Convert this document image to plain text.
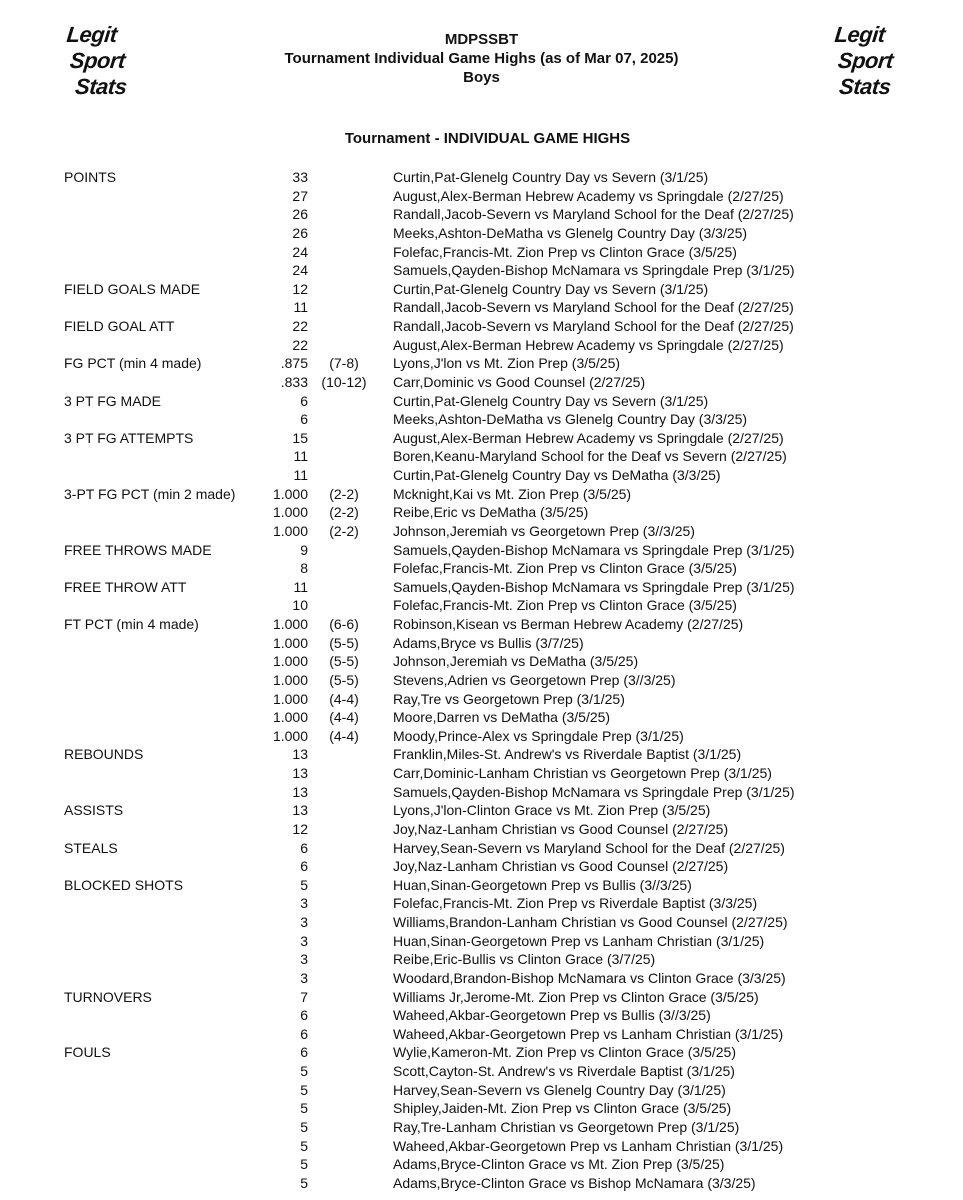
Legit
Sport
Stats
MDPSSBT
Tournament Individual Game Highs (as of Mar 07, 2025)
Boys
Legit
Sport
Stats
Tournament - INDIVIDUAL GAME HIGHS
POINTS	33	Curtin,Pat-Glenelg Country Day vs Severn (3/1/25)
27	August,Alex-Berman Hebrew Academy vs Springdale (2/27/25)
26	Randall,Jacob-Severn vs Maryland School for the Deaf (2/27/25)
26	Meeks,Ashton-DeMatha vs Glenelg Country Day (3/3/25)
24	Folefac,Francis-Mt. Zion Prep vs Clinton Grace (3/5/25)
24	Samuels,Qayden-Bishop McNamara vs Springdale Prep (3/1/25)
FIELD GOALS MADE	12	Curtin,Pat-Glenelg Country Day vs Severn (3/1/25)
11	Randall,Jacob-Severn vs Maryland School for the Deaf (2/27/25)
FIELD GOAL ATT	22	Randall,Jacob-Severn vs Maryland School for the Deaf (2/27/25)
22	August,Alex-Berman Hebrew Academy vs Springdale (2/27/25)
FG PCT (min 4 made)	.875	(7-8)	Lyons,J'lon vs Mt. Zion Prep (3/5/25)
.833 (10-12) Carr,Dominic vs Good Counsel (2/27/25)
3 PT FG MADE	6	Curtin,Pat-Glenelg Country Day vs Severn (3/1/25)
6	Meeks,Ashton-DeMatha vs Glenelg Country Day (3/3/25)
3 PT FG ATTEMPTS	15	August,Alex-Berman Hebrew Academy vs Springdale (2/27/25)
11	Boren,Keanu-Maryland School for the Deaf vs Severn (2/27/25)
11	Curtin,Pat-Glenelg Country Day vs DeMatha (3/3/25)
3-PT FG PCT (min 2 made)	1.000	(2-2)	Mcknight,Kai vs Mt. Zion Prep (3/5/25)
1.000	(2-2)	Reibe,Eric vs DeMatha (3/5/25)
1.000	(2-2)	Johnson,Jeremiah vs Georgetown Prep (3//3/25)
FREE THROWS MADE	9	Samuels,Qayden-Bishop McNamara vs Springdale Prep (3/1/25)
8	Folefac,Francis-Mt. Zion Prep vs Clinton Grace (3/5/25)
FREE THROW ATT	11	Samuels,Qayden-Bishop McNamara vs Springdale Prep (3/1/25)
10	Folefac,Francis-Mt. Zion Prep vs Clinton Grace (3/5/25)
FT PCT (min 4 made)	1.000	(6-6)	Robinson,Kisean vs Berman Hebrew Academy (2/27/25)
1.000	(5-5)	Adams,Bryce vs Bullis (3/7/25)
1.000	(5-5)	Johnson,Jeremiah vs DeMatha (3/5/25)
1.000	(5-5)	Stevens,Adrien vs Georgetown Prep (3//3/25)
1.000	(4-4)	Ray,Tre vs Georgetown Prep (3/1/25)
1.000	(4-4)	Moore,Darren vs DeMatha (3/5/25)
1.000	(4-4)	Moody,Prince-Alex vs Springdale Prep (3/1/25)
REBOUNDS	13	Franklin,Miles-St. Andrew's vs Riverdale Baptist (3/1/25)
13	Carr,Dominic-Lanham Christian vs Georgetown Prep (3/1/25)
13	Samuels,Qayden-Bishop McNamara vs Springdale Prep (3/1/25)
ASSISTS	13	Lyons,J'lon-Clinton Grace vs Mt. Zion Prep (3/5/25)
12	Joy,Naz-Lanham Christian vs Good Counsel (2/27/25)
STEALS	6	Harvey,Sean-Severn vs Maryland School for the Deaf (2/27/25)
6	Joy,Naz-Lanham Christian vs Good Counsel (2/27/25)
BLOCKED SHOTS	5	Huan,Sinan-Georgetown Prep vs Bullis (3//3/25)
3	Folefac,Francis-Mt. Zion Prep vs Riverdale Baptist (3/3/25)
3	Williams,Brandon-Lanham Christian vs Good Counsel (2/27/25)
3	Huan,Sinan-Georgetown Prep vs Lanham Christian (3/1/25)
3	Reibe,Eric-Bullis vs Clinton Grace (3/7/25)
3	Woodard,Brandon-Bishop McNamara vs Clinton Grace (3/3/25)
TURNOVERS	7	Williams Jr,Jerome-Mt. Zion Prep vs Clinton Grace (3/5/25)
6	Waheed,Akbar-Georgetown Prep vs Bullis (3//3/25)
6	Waheed,Akbar-Georgetown Prep vs Lanham Christian (3/1/25)
FOULS	6	Wylie,Kameron-Mt. Zion Prep vs Clinton Grace (3/5/25)
5	Scott,Cayton-St. Andrew's vs Riverdale Baptist (3/1/25)
5	Harvey,Sean-Severn vs Glenelg Country Day (3/1/25)
5	Shipley,Jaiden-Mt. Zion Prep vs Clinton Grace (3/5/25)
5	Ray,Tre-Lanham Christian vs Georgetown Prep (3/1/25)
5	Waheed,Akbar-Georgetown Prep vs Lanham Christian (3/1/25)
5	Adams,Bryce-Clinton Grace vs Mt. Zion Prep (3/5/25)
5	Adams,Bryce-Clinton Grace vs Bishop McNamara (3/3/25)
